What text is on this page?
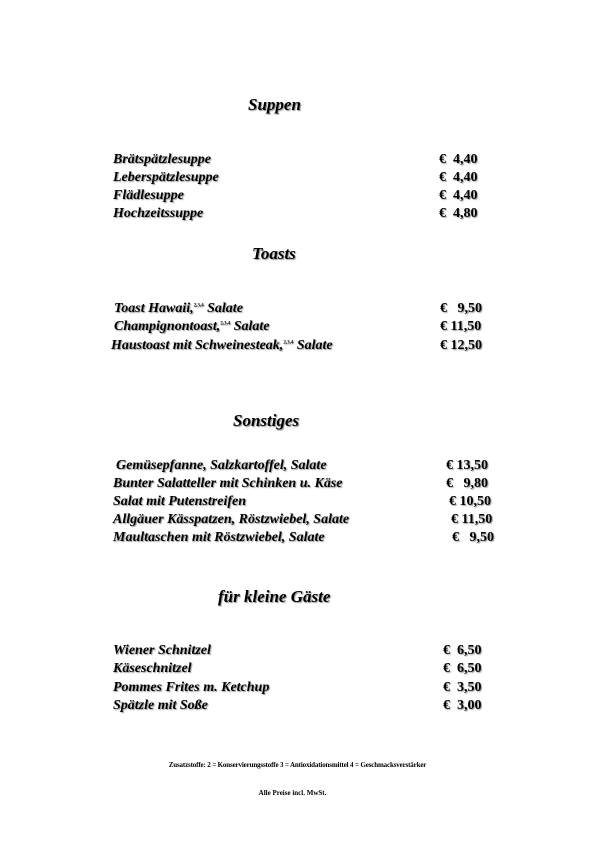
Suppen
Brätspätzlesuppe	€  4,40
Leberspätzlesuppe	€  4,40
Flädlesuppe	€  4,40
Hochzeitssuppe	€  4,80
Toasts
Toast Hawaii,$^{2,3,4}$ Salate	€   9,50
Champignontoast,$^{2,3,4}$ Salate	€ 11,50
Haustoast mit Schweinesteak,$^{2,3,4}$ Salate	€ 12,50
Sonstiges
Gemüsepfanne, Salzkartoffel, Salate	€ 13,50
Bunter Salatteller mit Schinken u. Käse	€   9,80
Salat mit Putenstreifen	€ 10,50
Allgäuer Kässpatzen, Röstzwiebel, Salate	€ 11,50
Maultaschen mit Röstzwiebel, Salate	€   9,50
für kleine Gäste
Wiener Schnitzel	€  6,50
Käseschnitzel	€  6,50
Pommes Frites m. Ketchup	€  3,50
Spätzle mit Soße	€  3,00
Zusatzstoffe: 2 = Konservierungsstoffe 3 = Antioxidationsmittel 4 = Geschmacksverstärker
Alle Preise incl. MwSt.
